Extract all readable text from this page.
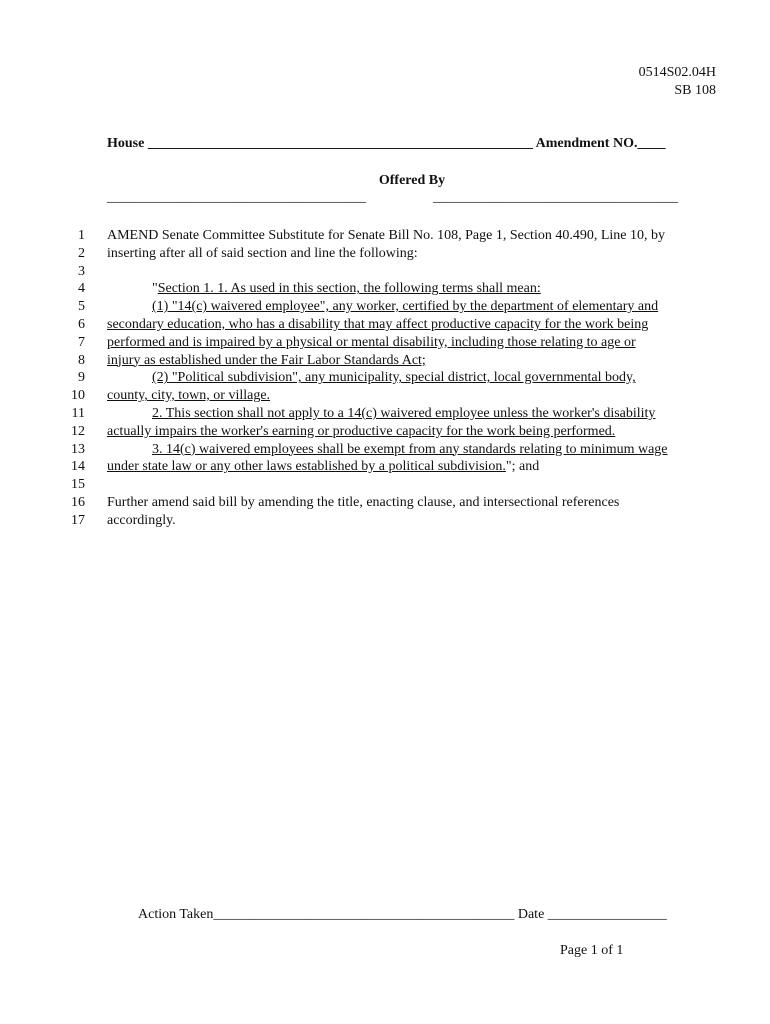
0514S02.04H
SB 108
House _______________________________________________________ Amendment NO.____
Offered By
_____________________________________	___________________________________
1
2
3
4
5
6
7
8
9
10
11
12
13
14
15
16
17
AMEND Senate Committee Substitute for Senate Bill No. 108, Page 1, Section 40.490, Line 10, by
inserting after all of said section and line the following:
"Section 1. 1. As used in this section, the following terms shall mean:
(1) "14(c) waivered employee", any worker, certified by the department of elementary and
secondary education, who has a disability that may affect productive capacity for the work being
performed and is impaired by a physical or mental disability, including those relating to age or
injury as established under the Fair Labor Standards Act;
(2) "Political subdivision", any municipality, special district, local governmental body,
county, city, town, or village.
2. This section shall not apply to a 14(c) waivered employee unless the worker's disability
actually impairs the worker's earning or productive capacity for the work being performed.
3. 14(c) waivered employees shall be exempt from any standards relating to minimum wage
under state law or any other laws established by a political subdivision."; and
Further amend said bill by amending the title, enacting clause, and intersectional references
accordingly.
Action Taken___________________________________________ Date _________________
Page 1 of 1
